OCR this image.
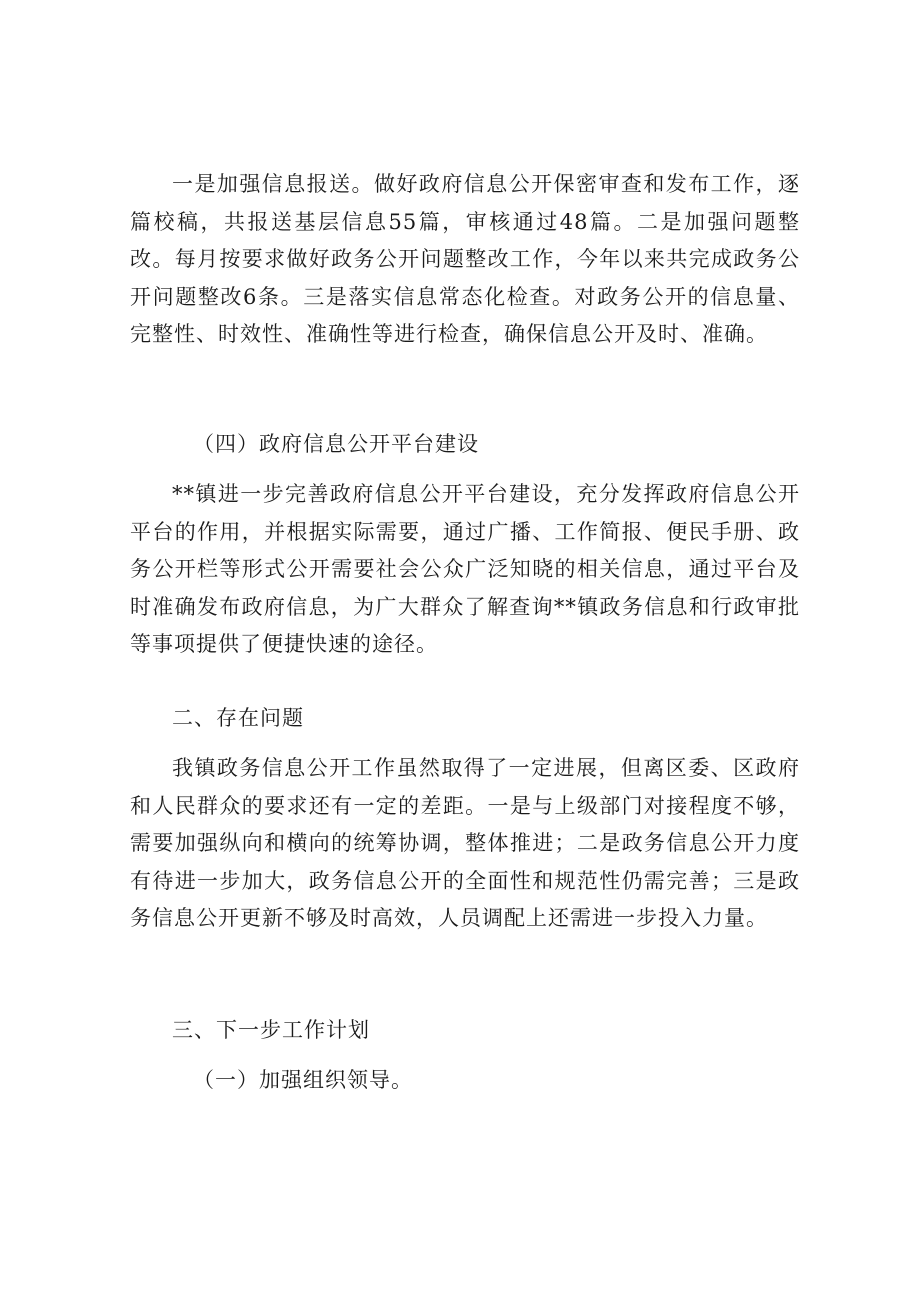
一是加强信息报送。做好政府信息公开保密审查和发布工作，逐篇校稿，共报送基层信息55篇，审核通过48篇。二是加强问题整改。每月按要求做好政务公开问题整改工作，今年以来共完成政务公开问题整改6条。三是落实信息常态化检查。对政务公开的信息量、完整性、时效性、准确性等进行检查，确保信息公开及时、准确。

（四）政府信息公开平台建设

**镇进一步完善政府信息公开平台建设，充分发挥政府信息公开平台的作用，并根据实际需要，通过广播、工作简报、便民手册、政务公开栏等形式公开需要社会公众广泛知晓的相关信息，通过平台及时准确发布政府信息，为广大群众了解查询**镇政务信息和行政审批等事项提供了便捷快速的途径。

二、存在问题

我镇政务信息公开工作虽然取得了一定进展，但离区委、区政府和人民群众的要求还有一定的差距。一是与上级部门对接程度不够，需要加强纵向和横向的统筹协调，整体推进；二是政务信息公开力度有待进一步加大，政务信息公开的全面性和规范性仍需完善；三是政务信息公开更新不够及时高效，人员调配上还需进一步投入力量。

三、下一步工作计划

（一）加强组织领导。
